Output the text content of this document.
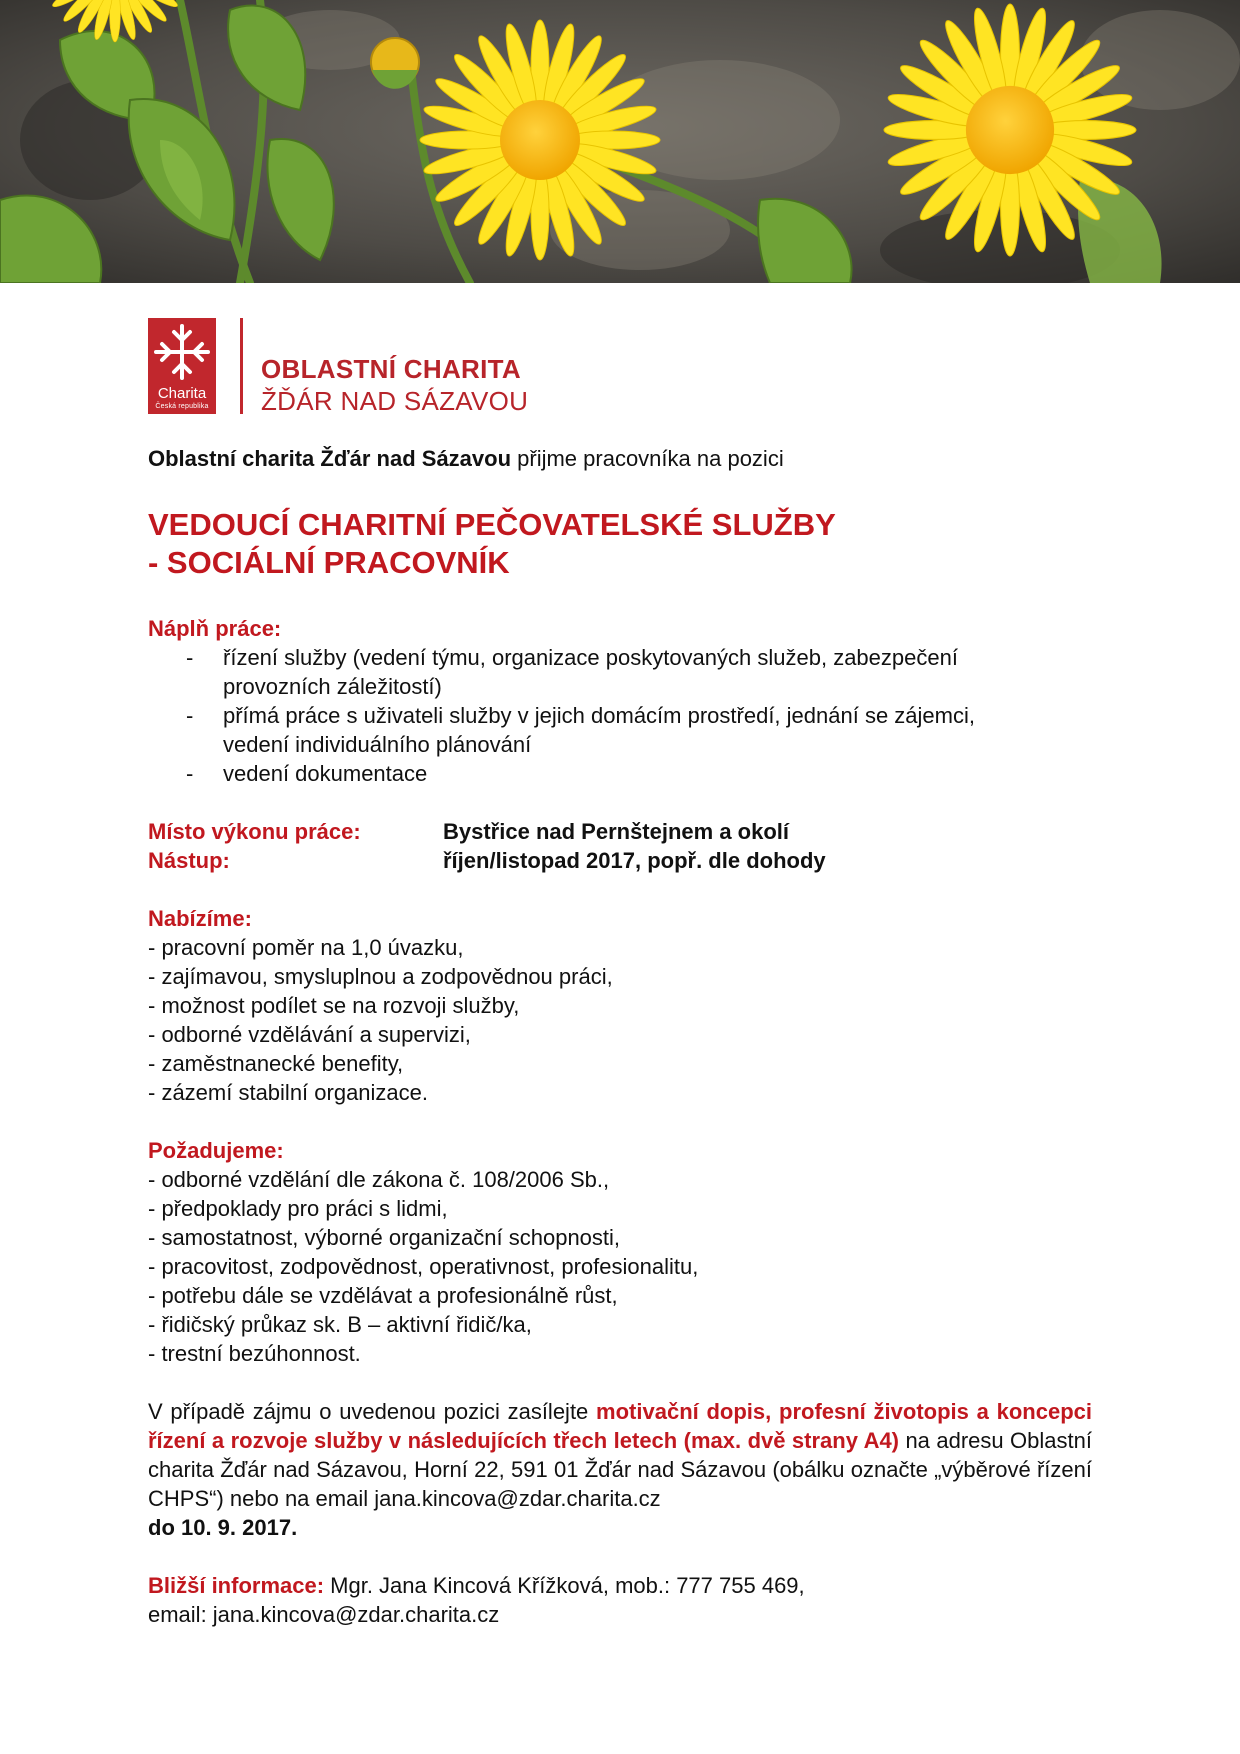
Charita
Česká republika
OBLASTNÍ CHARITA
ŽĎÁR NAD SÁZAVOU

Oblastní charita Žďár nad Sázavou přijme pracovníka na pozici

VEDOUCÍ CHARITNÍ PEČOVATELSKÉ SLUŽBY
- SOCIÁLNÍ PRACOVNÍK
Náplň práce:
- řízení služby (vedení týmu, organizace poskytovaných služeb, zabezpečení
provozních záležitostí)
- přímá práce s uživateli služby v jejich domácím prostředí, jednání se zájemci,
vedení individuálního plánování
- vedení dokumentace
Místo výkonu práce:	Bystřice nad Pernštejnem a okolí
Nástup:	říjen/listopad 2017, popř. dle dohody
Nabízíme:
- pracovní poměr na 1,0 úvazku,
- zajímavou, smysluplnou a zodpovědnou práci,
- možnost podílet se na rozvoji služby,
- odborné vzdělávání a supervizi,
- zaměstnanecké benefity,
- zázemí stabilní organizace.
Požadujeme:
- odborné vzdělání dle zákona č. 108/2006 Sb.,
- předpoklady pro práci s lidmi,
- samostatnost, výborné organizační schopnosti,
- pracovitost, zodpovědnost, operativnost, profesionalitu,
- potřebu dále se vzdělávat a profesionálně růst,
- řidičský průkaz sk. B – aktivní řidič/ka,
- trestní bezúhonnost.

V případě zájmu o uvedenou pozici zasílejte motivační dopis, profesní životopis a koncepci řízení a rozvoje služby v následujících třech letech (max. dvě strany A4) na adresu Oblastní charita Žďár nad Sázavou, Horní 22, 591 01 Žďár nad Sázavou (obálku označte „výběrové řízení CHPS“) nebo na email jana.kincova@zdar.charita.cz

do 10. 9. 2017.

Bližší informace: Mgr. Jana Kincová Křížková, mob.: 777 755 469,
email: jana.kincova@zdar.charita.cz
